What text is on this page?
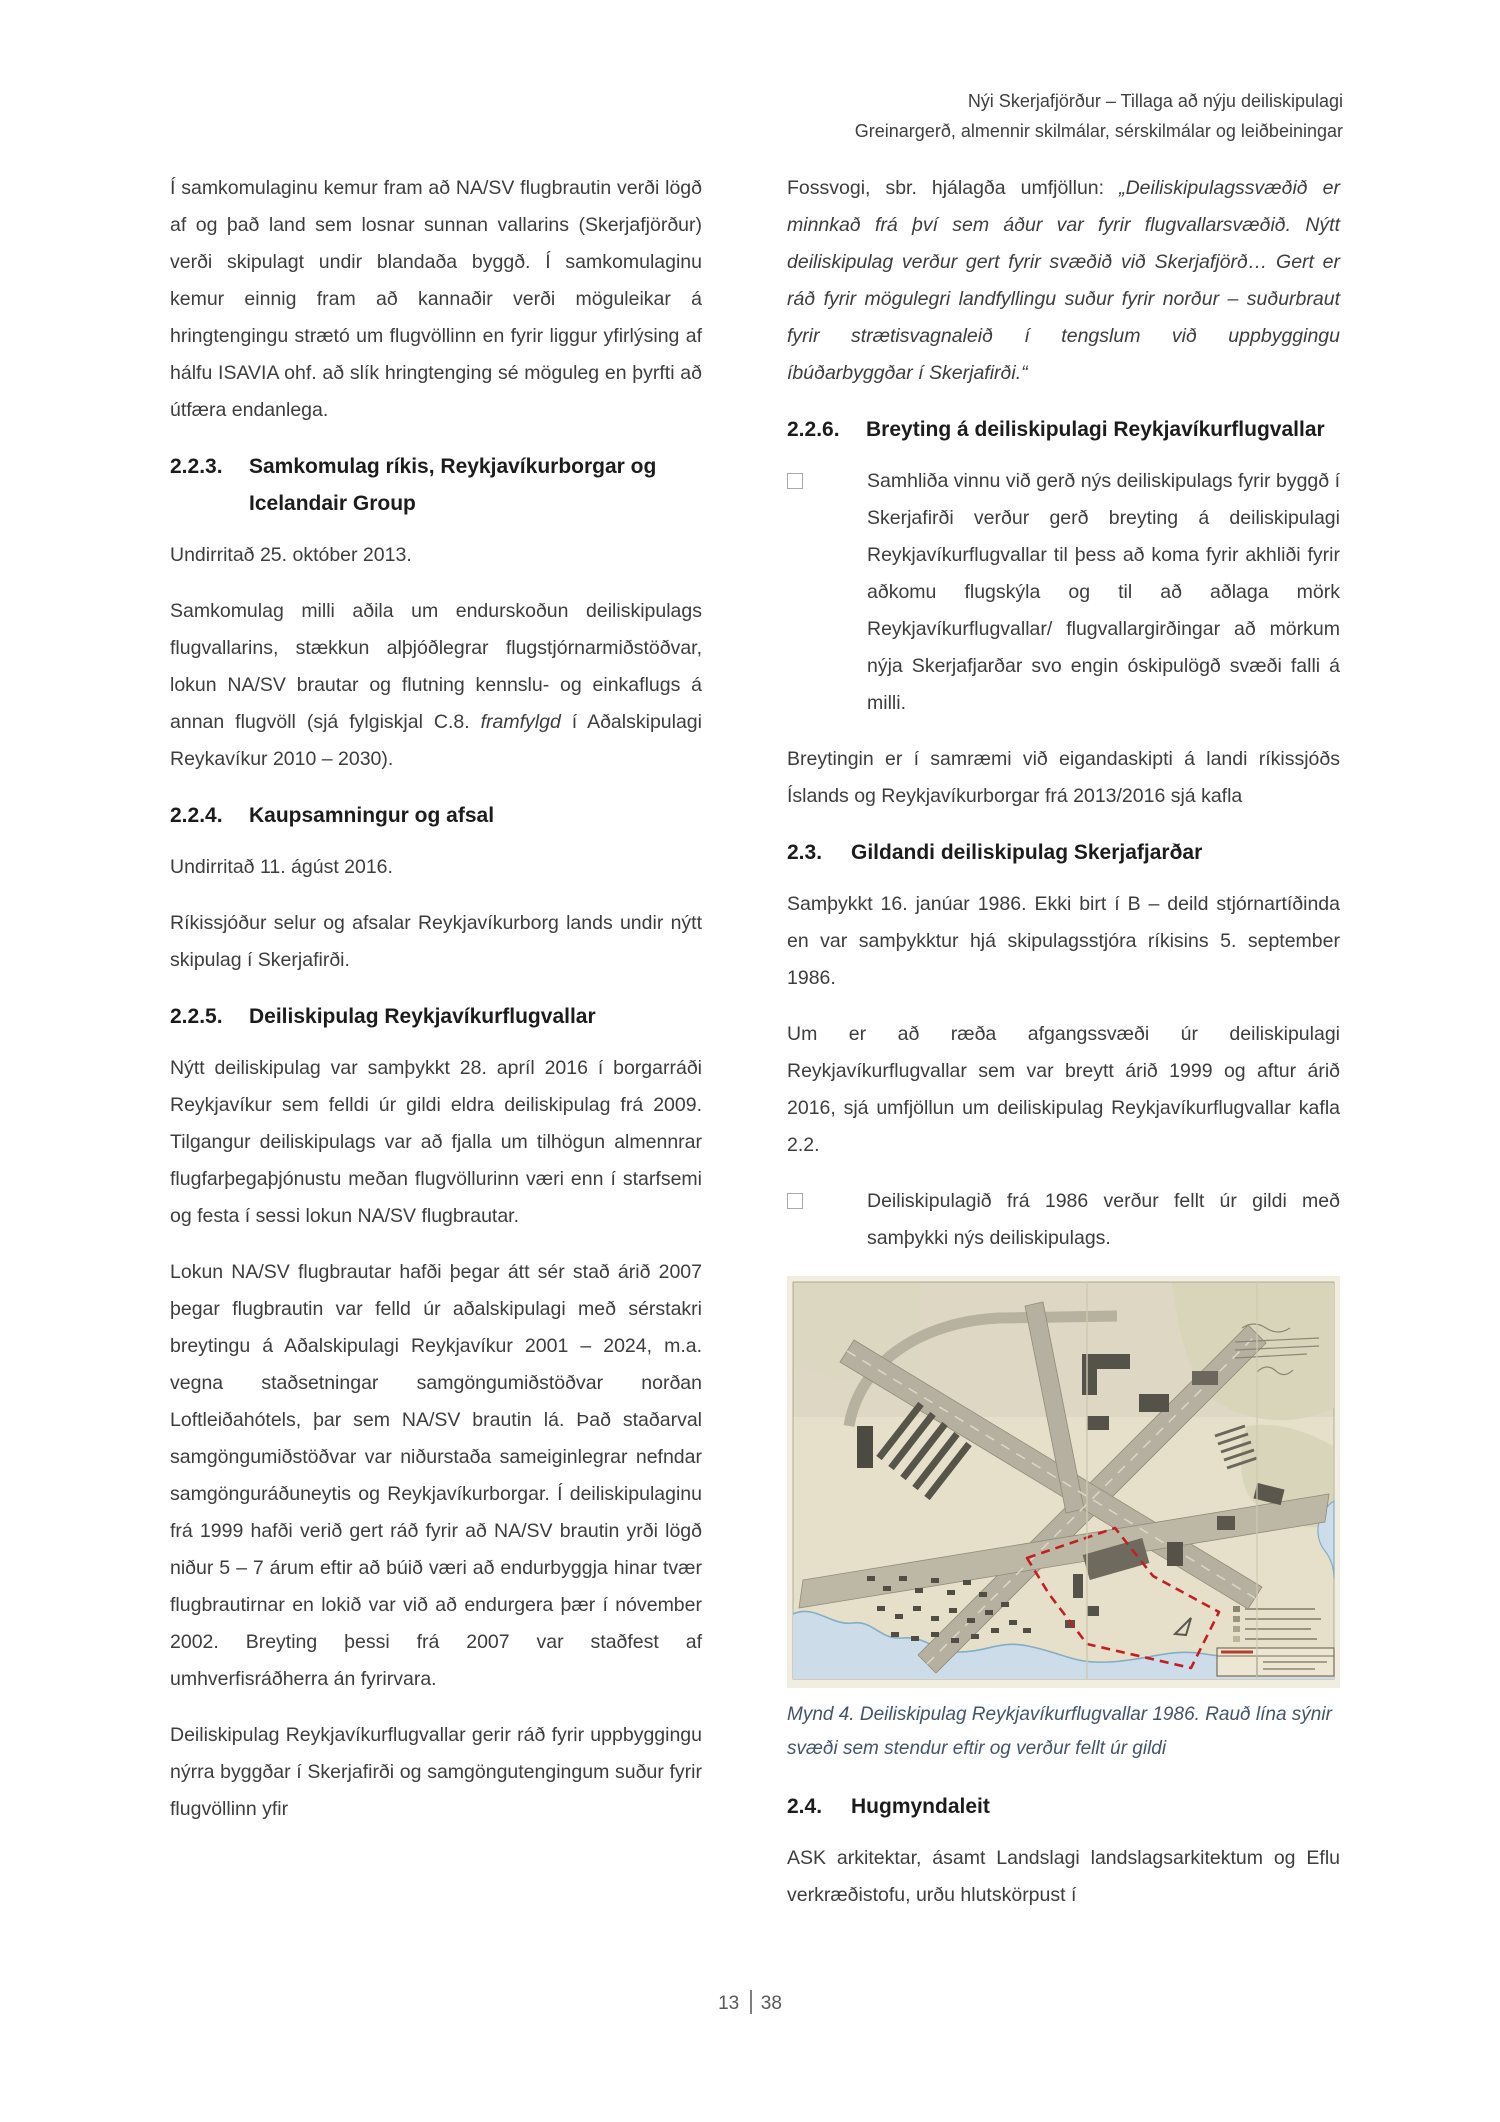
Nýi Skerjafjörður – Tillaga að nýju deiliskipulagi
Greinargerð, almennir skilmálar, sérskilmálar og leiðbeiningar

Í samkomulaginu kemur fram að NA/SV flugbrautin verði lögð af og það land sem losnar sunnan vallarins (Skerjafjörður) verði skipulagt undir blandaða byggð. Í samkomulaginu kemur einnig fram að kannaðir verði möguleikar á hringtengingu strætó um flugvöllinn en fyrir liggur yfirlýsing af hálfu ISAVIA ohf. að slík hringtenging sé möguleg en þyrfti að útfæra endanlega.

2.2.3.	Samkomulag ríkis, Reykjavíkurborgar og Icelandair Group

Undirritað 25. október 2013.

Samkomulag milli aðila um endurskoðun deiliskipulags flugvallarins, stækkun alþjóðlegrar flugstjórnarmiðstöðvar, lokun NA/SV brautar og flutning kennslu- og einkaflugs á annan flugvöll (sjá fylgiskjal C.8. framfylgd í Aðalskipulagi Reykavíkur 2010 – 2030).

2.2.4.	Kaupsamningur og afsal

Undirritað 11. ágúst 2016.

Ríkissjóður selur og afsalar Reykjavíkurborg lands undir nýtt skipulag í Skerjafirði.

2.2.5.	Deiliskipulag Reykjavíkurflugvallar

Nýtt deiliskipulag var samþykkt 28. apríl 2016 í borgarráði Reykjavíkur sem felldi úr gildi eldra deiliskipulag frá 2009. Tilgangur deiliskipulags var að fjalla um tilhögun almennrar flugfarþegaþjónustu meðan flugvöllurinn væri enn í starfsemi og festa í sessi lokun NA/SV flugbrautar.

Lokun NA/SV flugbrautar hafði þegar átt sér stað árið 2007 þegar flugbrautin var felld úr aðalskipulagi með sérstakri breytingu á Aðalskipulagi Reykjavíkur 2001 – 2024, m.a. vegna staðsetningar samgöngumiðstöðvar norðan Loftleiðahótels, þar sem NA/SV brautin lá. Það staðarval samgöngumiðstöðvar var niðurstaða sameiginlegrar nefndar samgönguráðuneytis og Reykjavíkurborgar. Í deiliskipulaginu frá 1999 hafði verið gert ráð fyrir að NA/SV brautin yrði lögð niður 5 – 7 árum eftir að búið væri að endurbyggja hinar tvær flugbrautirnar en lokið var við að endurgera þær í nóvember 2002. Breyting þessi frá 2007 var staðfest af umhverfisráðherra án fyrirvara.

Deiliskipulag Reykjavíkurflugvallar gerir ráð fyrir uppbyggingu nýrra byggðar í Skerjafirði og samgöngutengingum suður fyrir flugvöllinn yfir

Fossvogi, sbr. hjálagða umfjöllun: „Deiliskipulagssvæðið er minnkað frá því sem áður var fyrir flugvallarsvæðið. Nýtt deiliskipulag verður gert fyrir svæðið við Skerjafjörð… Gert er ráð fyrir mögulegri landfyllingu suður fyrir norður – suðurbraut fyrir strætisvagnaleið í tengslum við uppbyggingu íbúðarbyggðar í Skerjafirði.“

2.2.6.	Breyting á deiliskipulagi Reykjavíkurflugvallar
Samhliða vinnu við gerð nýs deiliskipulags fyrir byggð í Skerjafirði verður gerð breyting á deiliskipulagi Reykjavíkurflugvallar til þess að koma fyrir akhliði fyrir aðkomu flugskýla og til að aðlaga mörk Reykjavíkurflugvallar/ flugvallargirðingar að mörkum nýja Skerjafjarðar svo engin óskipulögð svæði falli á milli.

Breytingin er í samræmi við eigandaskipti á landi ríkissjóðs Íslands og Reykjavíkurborgar frá 2013/2016 sjá kafla

2.3.	Gildandi deiliskipulag Skerjafjarðar

Samþykkt 16. janúar 1986. Ekki birt í B – deild stjórnartíðinda en var samþykktur hjá skipulagsstjóra ríkisins 5. september 1986.

Um er að ræða afgangssvæði úr deiliskipulagi Reykjavíkurflugvallar sem var breytt árið 1999 og aftur árið 2016, sjá umfjöllun um deiliskipulag Reykjavíkurflugvallar kafla 2.2.

Deiliskipulagið frá 1986 verður fellt úr gildi með samþykki nýs deiliskipulags.
Mynd 4. Deiliskipulag Reykjavíkurflugvallar 1986. Rauð lína sýnir svæði sem stendur eftir og verður fellt úr gildi
2.4.	Hugmyndaleit

ASK arkitektar, ásamt Landslagi landslagsarkitektum og Eflu verkræðistofu, urðu hlutskörpust í

13 38
